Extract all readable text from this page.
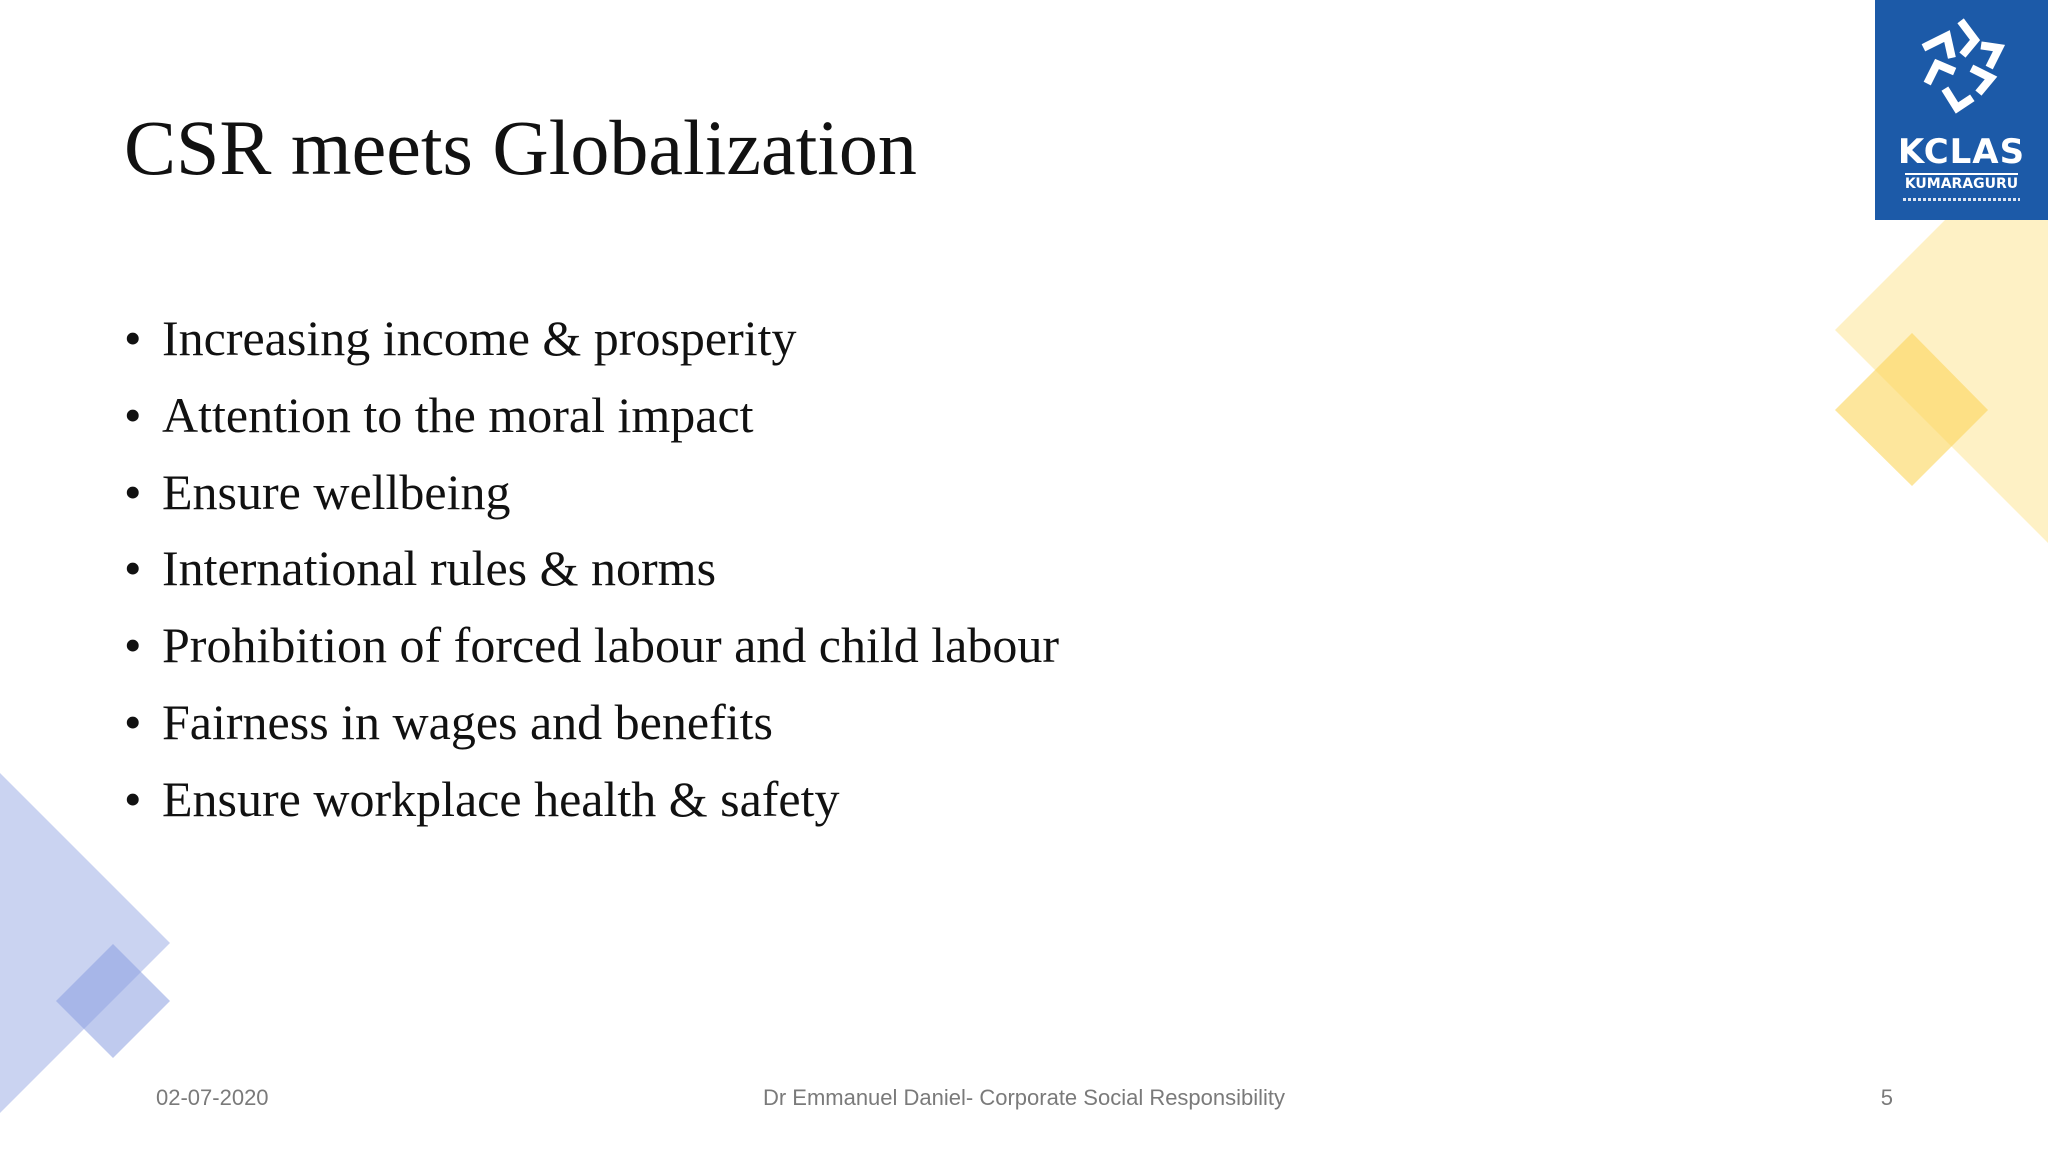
CSR meets Globalization
• Increasing income & prosperity
• Attention to the moral impact
• Ensure wellbeing
• International rules & norms
• Prohibition of forced labour and child labour
• Fairness in wages and benefits
• Ensure workplace health & safety
KCLAS
KUMARAGURU
02-07-2020	Dr Emmanuel Daniel- Corporate Social Responsibility	5
